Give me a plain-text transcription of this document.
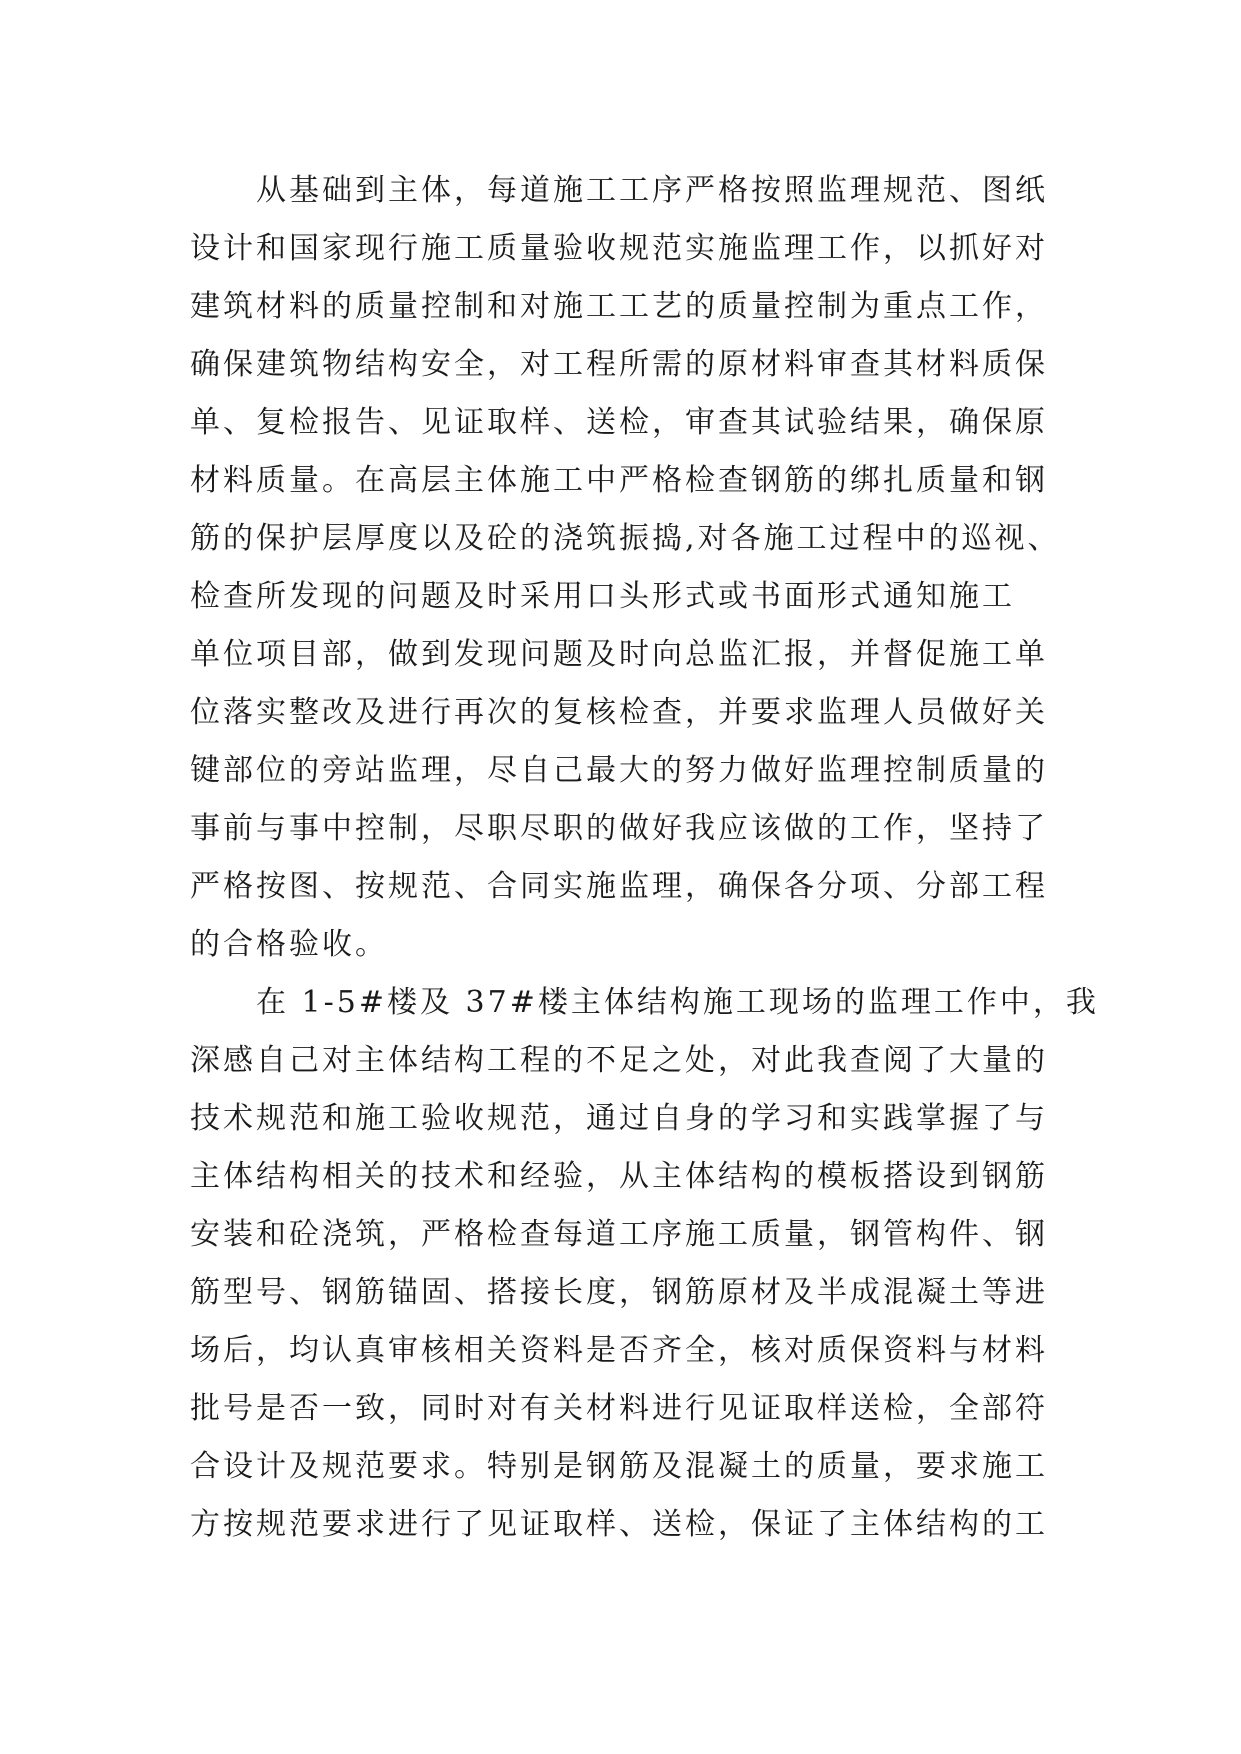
　　从基础到主体，每道施工工序严格按照监理规范、图纸
设计和国家现行施工质量验收规范实施监理工作，以抓好对
建筑材料的质量控制和对施工工艺的质量控制为重点工作，
确保建筑物结构安全，对工程所需的原材料审查其材料质保
单、复检报告、见证取样、送检，审查其试验结果，确保原
材料质量。在高层主体施工中严格检查钢筋的绑扎质量和钢
筋的保护层厚度以及砼的浇筑振捣,对各施工过程中的巡视、
检查所发现的问题及时采用口头形式或书面形式通知施工
单位项目部，做到发现问题及时向总监汇报，并督促施工单
位落实整改及进行再次的复核检查，并要求监理人员做好关
键部位的旁站监理，尽自己最大的努力做好监理控制质量的
事前与事中控制，尽职尽职的做好我应该做的工作，坚持了
严格按图、按规范、合同实施监理，确保各分项、分部工程
的合格验收。
　　在 1-5#楼及 37#楼主体结构施工现场的监理工作中，我
深感自己对主体结构工程的不足之处，对此我查阅了大量的
技术规范和施工验收规范，通过自身的学习和实践掌握了与
主体结构相关的技术和经验，从主体结构的模板搭设到钢筋
安装和砼浇筑，严格检查每道工序施工质量，钢管构件、钢
筋型号、钢筋锚固、搭接长度，钢筋原材及半成混凝土等进
场后，均认真审核相关资料是否齐全，核对质保资料与材料
批号是否一致，同时对有关材料进行见证取样送检，全部符
合设计及规范要求。特别是钢筋及混凝土的质量，要求施工
方按规范要求进行了见证取样、送检，保证了主体结构的工
